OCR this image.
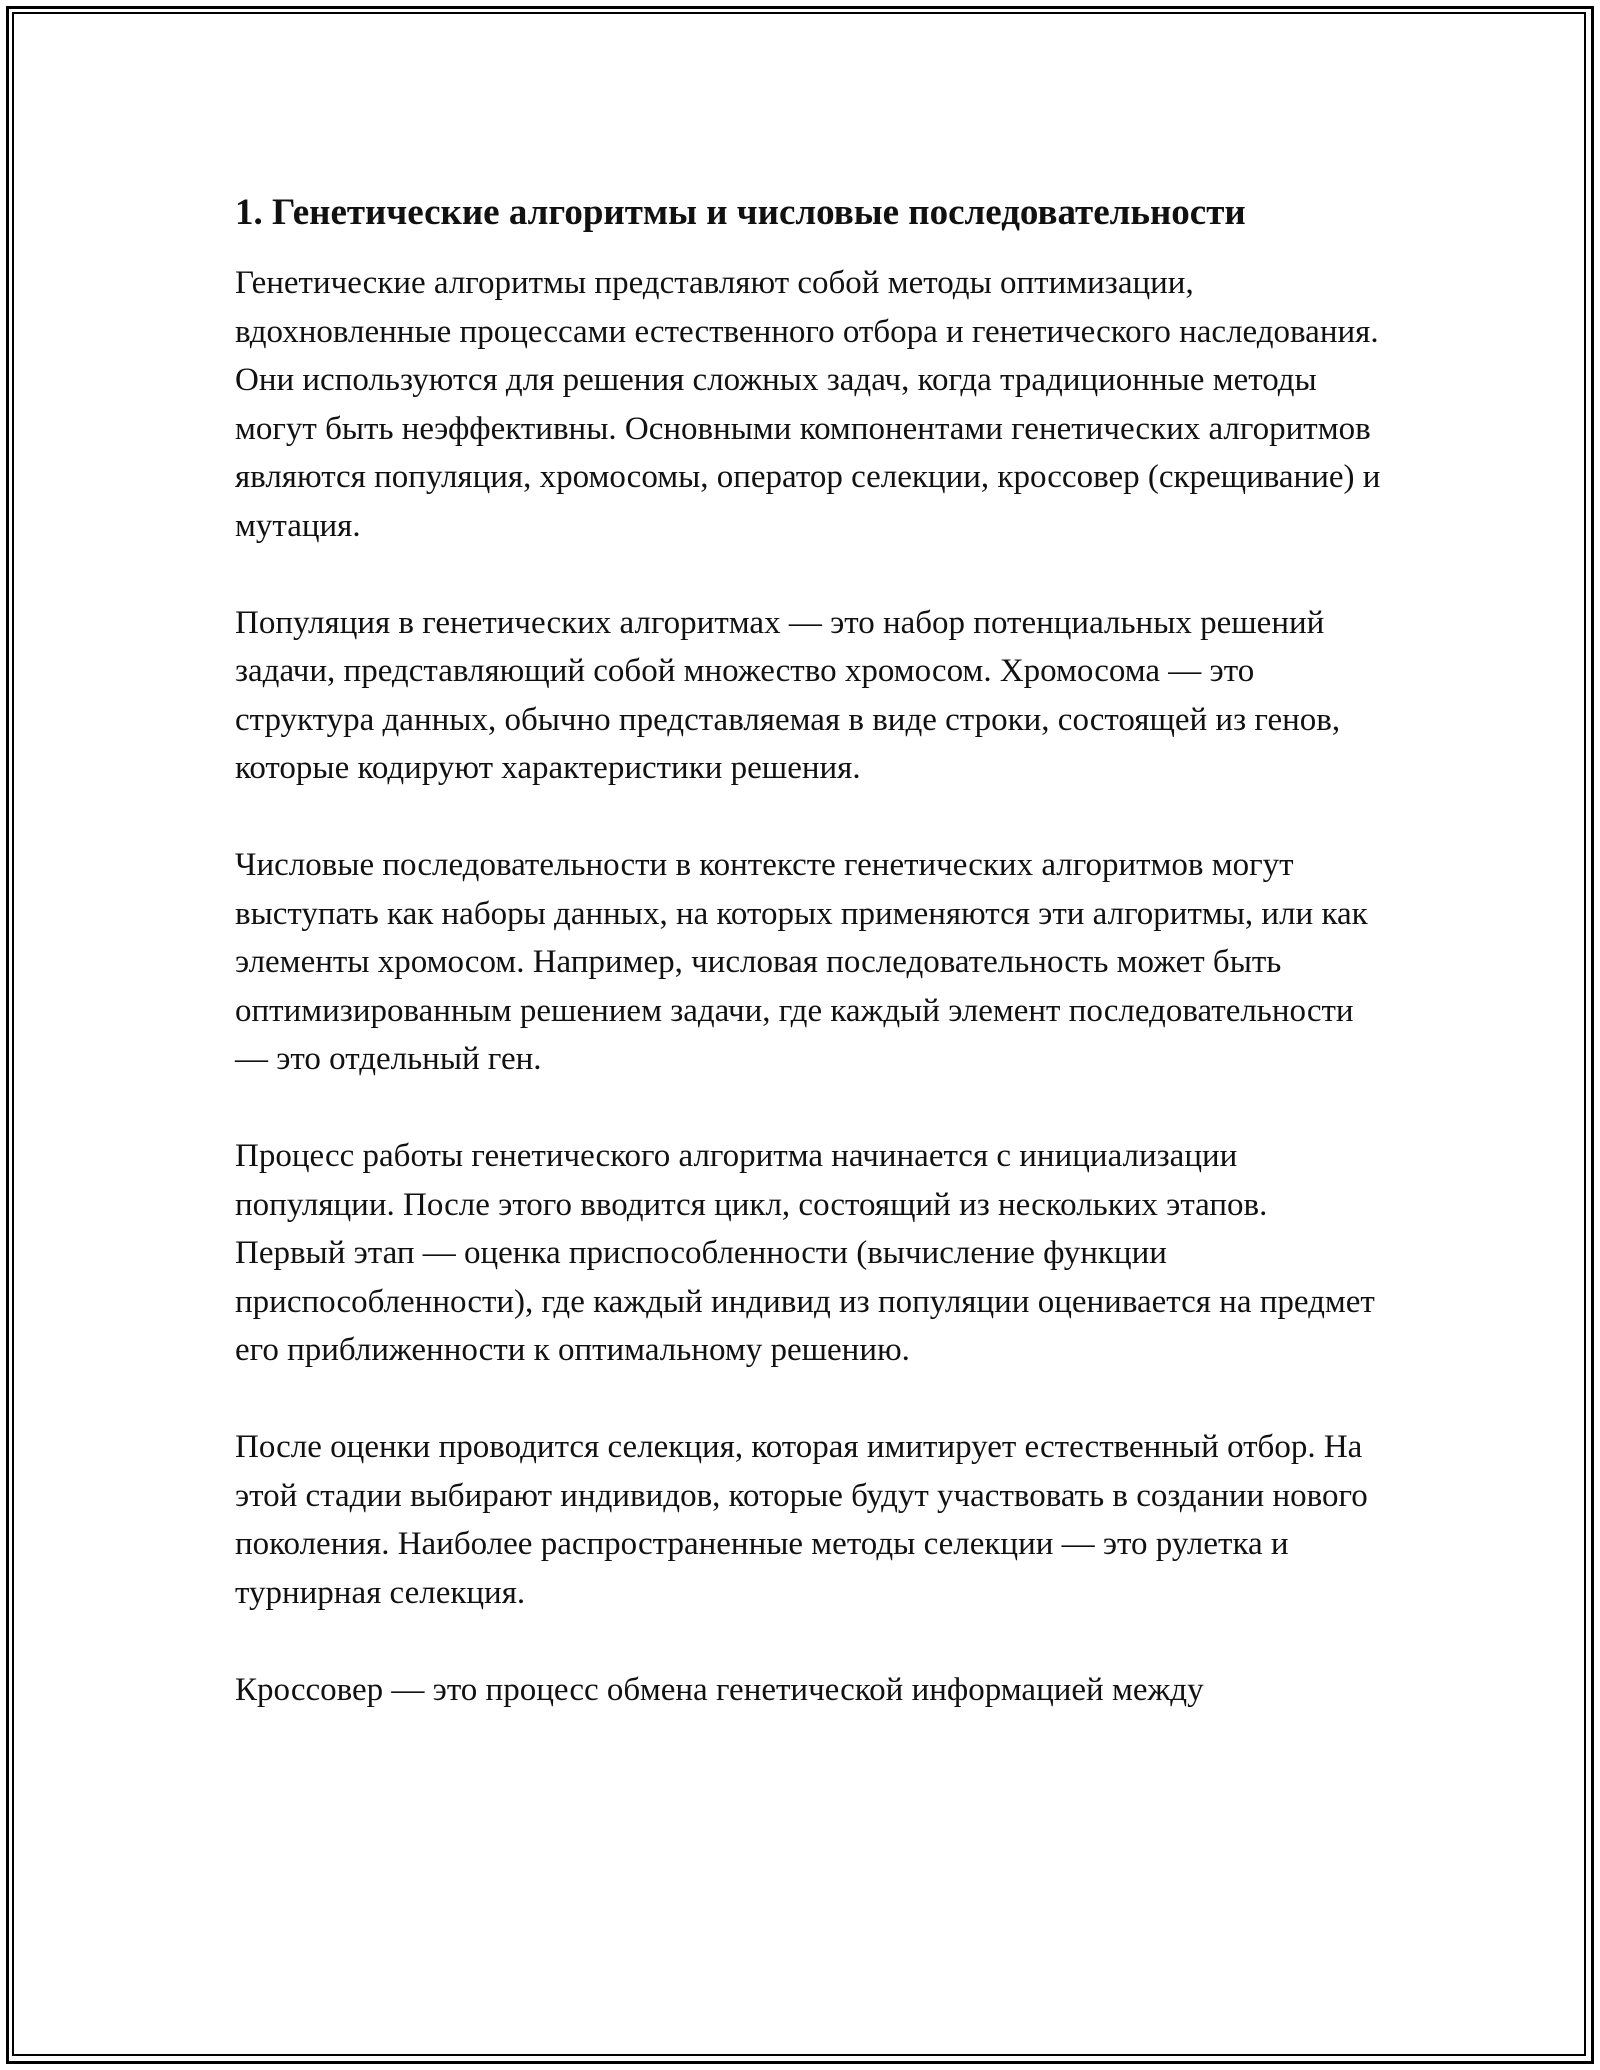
1. Генетические алгоритмы и числовые последовательности

Генетические алгоритмы представляют собой методы оптимизации, вдохновленные процессами естественного отбора и генетического наследования. Они используются для решения сложных задач, когда традиционные методы могут быть неэффективны. Основными компонентами генетических алгоритмов являются популяция, хромосомы, оператор селекции, кроссовер (скрещивание) и мутация.

Популяция в генетических алгоритмах — это набор потенциальных решений задачи, представляющий собой множество хромосом. Хромосома — это структура данных, обычно представляемая в виде строки, состоящей из генов, которые кодируют характеристики решения.

Числовые последовательности в контексте генетических алгоритмов могут выступать как наборы данных, на которых применяются эти алгоритмы, или как элементы хромосом. Например, числовая последовательность может быть оптимизированным решением задачи, где каждый элемент последовательности — это отдельный ген.

Процесс работы генетического алгоритма начинается с инициализации популяции. После этого вводится цикл, состоящий из нескольких этапов. Первый этап — оценка приспособленности (вычисление функции приспособленности), где каждый индивид из популяции оценивается на предмет его приближенности к оптимальному решению.

После оценки проводится селекция, которая имитирует естественный отбор. На этой стадии выбирают индивидов, которые будут участвовать в создании нового поколения. Наиболее распространенные методы селекции — это рулетка и турнирная селекция.

Кроссовер — это процесс обмена генетической информацией между
